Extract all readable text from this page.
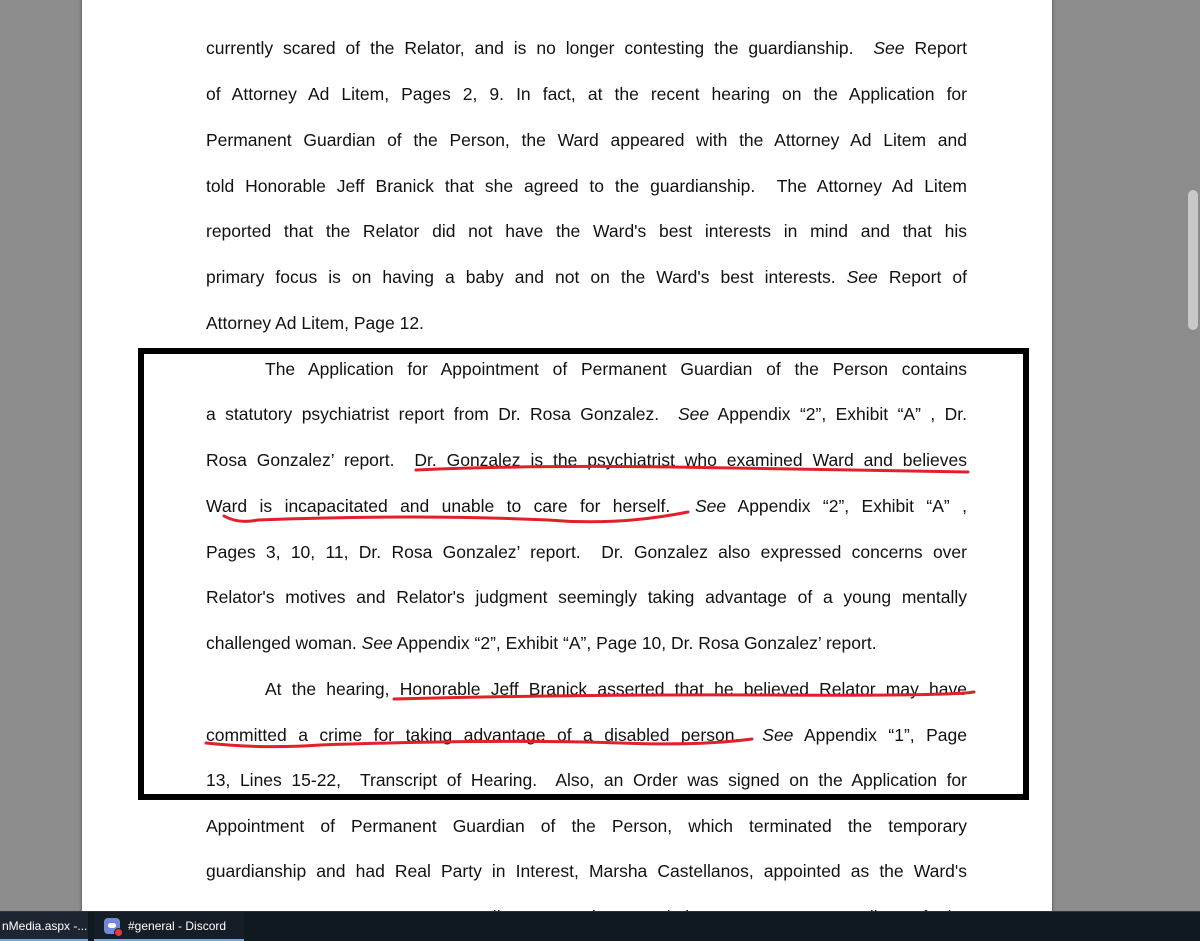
currently scared of the Relator, and is no longer contesting the guardianship.  See Report
of Attorney Ad Litem, Pages 2, 9. In fact, at the recent hearing on the Application for
Permanent Guardian of the Person, the Ward appeared with the Attorney Ad Litem and
told Honorable Jeff Branick that she agreed to the guardianship.  The Attorney Ad Litem
reported that the Relator did not have the Ward's best interests in mind and that his
primary focus is on having a baby and not on the Ward's best interests. See Report of
Attorney Ad Litem, Page 12.
The Application for Appointment of Permanent Guardian of the Person contains
a statutory psychiatrist report from Dr. Rosa Gonzalez.  See Appendix “2”, Exhibit “A” , Dr.
Rosa Gonzalez’ report.  Dr. Gonzalez is the psychiatrist who examined Ward and believes
Ward is incapacitated and unable to care for herself.  See Appendix “2”, Exhibit “A” ,
Pages 3, 10, 11, Dr. Rosa Gonzalez’ report.  Dr. Gonzalez also expressed concerns over
Relator's motives and Relator's judgment seemingly taking advantage of a young mentally
challenged woman. See Appendix “2”, Exhibit “A”, Page 10, Dr. Rosa Gonzalez’ report.
At the hearing, Honorable Jeff Branick asserted that he believed Relator may have
committed a crime for taking advantage of a disabled person.  See Appendix “1”, Page
13, Lines 15-22,  Transcript of Hearing.  Also, an Order was signed on the Application for
Appointment of Permanent Guardian of the Person, which terminated the temporary
guardianship and had Real Party in Interest, Marsha Castellanos, appointed as the Ward's
nMedia.aspx -...	#general - Discord
